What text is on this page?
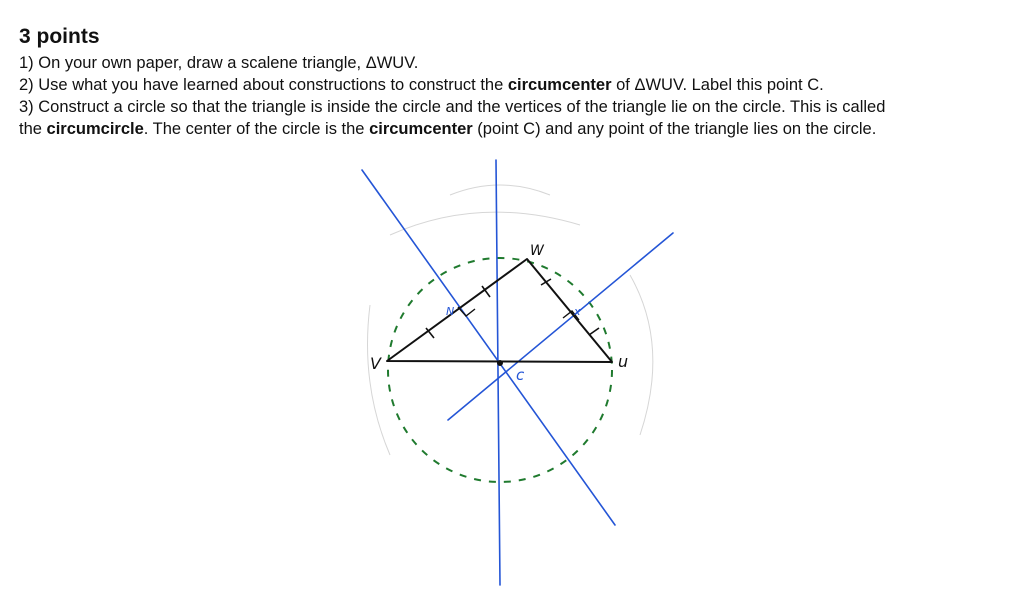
3 points

1) On your own paper, draw a scalene triangle, ΔWUV.

2) Use what you have learned about constructions to construct the circumcenter of ΔWUV. Label this point C.

3) Construct a circle so that the triangle is inside the circle and the vertices of the triangle lie on the circle. This is called

the circumcircle. The center of the circle is the circumcenter (point C) and any point of the triangle lies on the circle.

N	x
W
u
V
c
